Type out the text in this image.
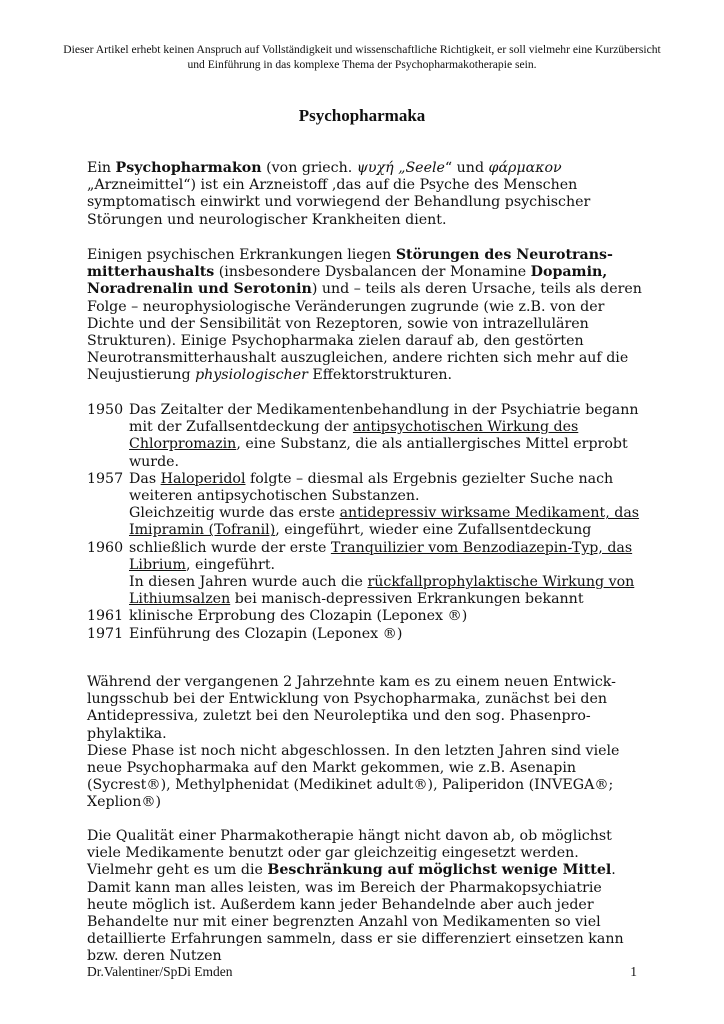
Dieser Artikel erhebt keinen Anspruch auf Vollständigkeit und wissenschaftliche Richtigkeit, er soll vielmehr eine Kurzübersicht und Einführung in das komplexe Thema der Psychopharmakotherapie sein.
Psychopharmaka

Ein Psychopharmakon (von griech. ψυχή „Seele“ und φάρμακον „Arzneimittel“) ist ein Arzneistoff ,das auf die Psyche des Menschen symptomatisch einwirkt und vorwiegend der Behandlung psychischer Störungen und neurologischer Krankheiten dient.

Einigen psychischen Erkrankungen liegen Störungen des Neurotrans-mitterhaushalts (insbesondere Dysbalancen der Monamine Dopamin, Noradrenalin und Serotonin) und – teils als deren Ursache, teils als deren Folge – neurophysiologische Veränderungen zugrunde (wie z.B. von der Dichte und der Sensibilität von Rezeptoren, sowie von intrazellulären Strukturen). Einige Psychopharmaka zielen darauf ab, den gestörten Neurotransmitterhaushalt auszugleichen, andere richten sich mehr auf die Neujustierung physiologischer Effektorstrukturen.

1950 Das Zeitalter der Medikamentenbehandlung in der Psychiatrie begann mit der Zufallsentdeckung der antipsychotischen Wirkung des Chlorpromazin, eine Substanz, die als antiallergisches Mittel erprobt wurde.
1957 Das Haloperidol folgte – diesmal als Ergebnis gezielter Suche nach weiteren antipsychotischen Substanzen.
Gleichzeitig wurde das erste antidepressiv wirksame Medikament, das Imipramin (Tofranil), eingeführt, wieder eine Zufallsentdeckung
1960 schließlich wurde der erste Tranquilizier vom Benzodiazepin-Typ, das Librium, eingeführt.
In diesen Jahren wurde auch die rückfallprophylaktische Wirkung von Lithiumsalzen bei manisch-depressiven Erkrankungen bekannt
1961 klinische Erprobung des Clozapin (Leponex ®)
1971 Einführung des Clozapin (Leponex ®)

Während der vergangenen 2 Jahrzehnte kam es zu einem neuen Entwick-lungsschub bei der Entwicklung von Psychopharmaka, zunächst bei den Antidepressiva, zuletzt bei den Neuroleptika und den sog. Phasenpro-phylaktika.

Diese Phase ist noch nicht abgeschlossen. In den letzten Jahren sind viele neue Psychopharmaka auf den Markt gekommen, wie z.B. Asenapin (Sycrest®), Methylphenidat (Medikinet adult®), Paliperidon (INVEGA®; Xeplion®)

Die Qualität einer Pharmakotherapie hängt nicht davon ab, ob möglichst viele Medikamente benutzt oder gar gleichzeitig eingesetzt werden. Vielmehr geht es um die Beschränkung auf möglichst wenige Mittel. Damit kann man alles leisten, was im Bereich der Pharmakopsychiatrie heute möglich ist. Außerdem kann jeder Behandelnde aber auch jeder Behandelte nur mit einer begrenzten Anzahl von Medikamenten so viel detaillierte Erfahrungen sammeln, dass er sie differenziert einsetzen kann bzw. deren Nutzen

Dr.Valentiner/SpDi Emden	1
